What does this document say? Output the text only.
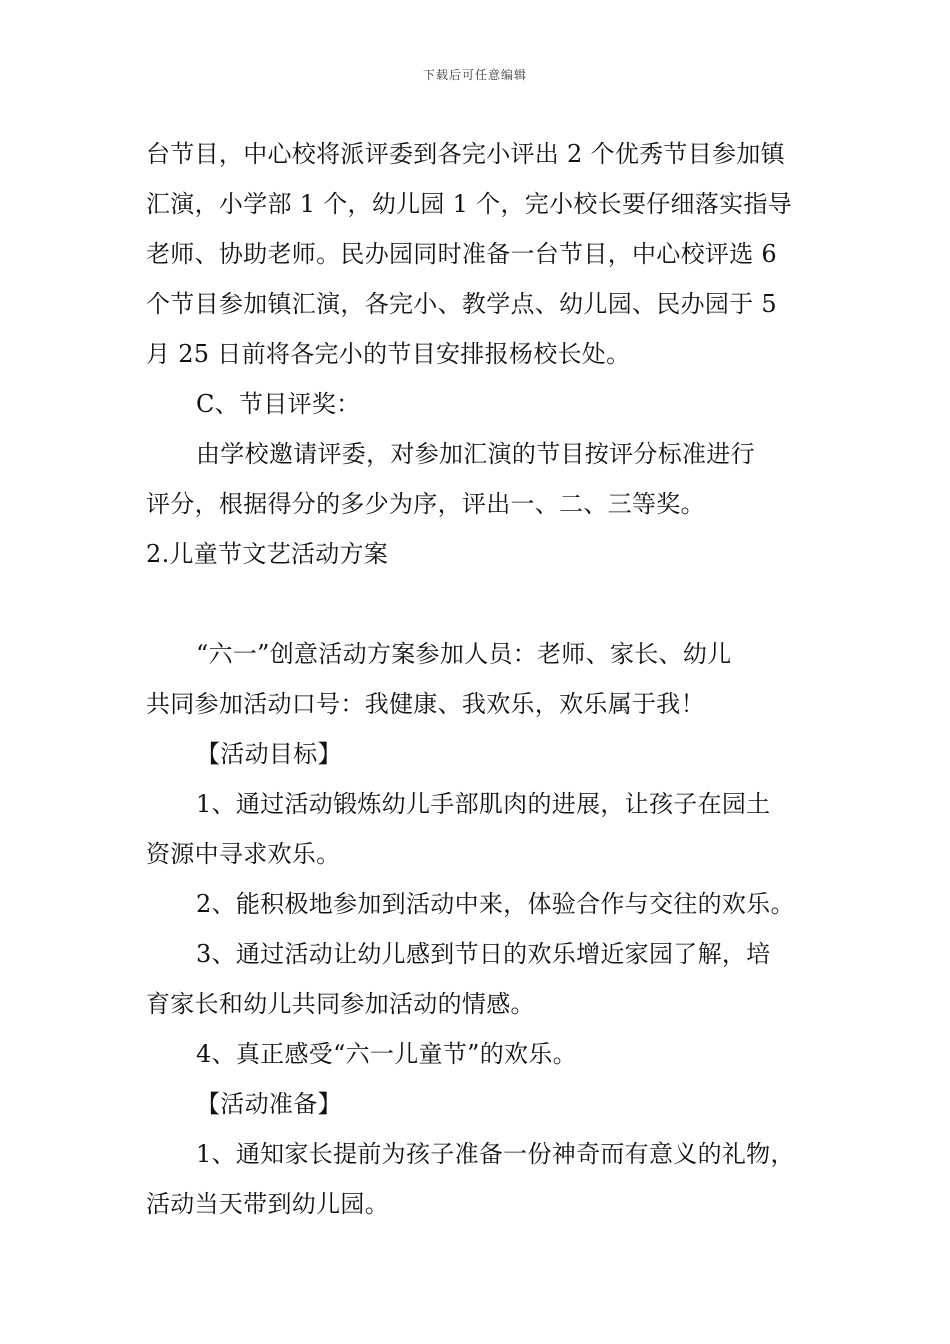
下载后可任意编辑

台节目，中心校将派评委到各完小评出 2 个优秀节目参加镇

汇演，小学部 1 个，幼儿园 1 个，完小校长要仔细落实指导

老师、协助老师。民办园同时准备一台节目，中心校评选 6

个节目参加镇汇演，各完小、教学点、幼儿园、民办园于 5

月 25 日前将各完小的节目安排报杨校长处。

C、节目评奖：

由学校邀请评委，对参加汇演的节目按评分标准进行

评分，根据得分的多少为序，评出一、二、三等奖。

2.儿童节文艺活动方案

“六一”创意活动方案参加人员：老师、家长、幼儿

共同参加活动口号：我健康、我欢乐，欢乐属于我！

【活动目标】

1、通过活动锻炼幼儿手部肌肉的进展，让孩子在园土

资源中寻求欢乐。

2、能积极地参加到活动中来，体验合作与交往的欢乐。

3、通过活动让幼儿感到节日的欢乐增近家园了解，培

育家长和幼儿共同参加活动的情感。

4、真正感受“六一儿童节”的欢乐。

【活动准备】

1、通知家长提前为孩子准备一份神奇而有意义的礼物，

活动当天带到幼儿园。
